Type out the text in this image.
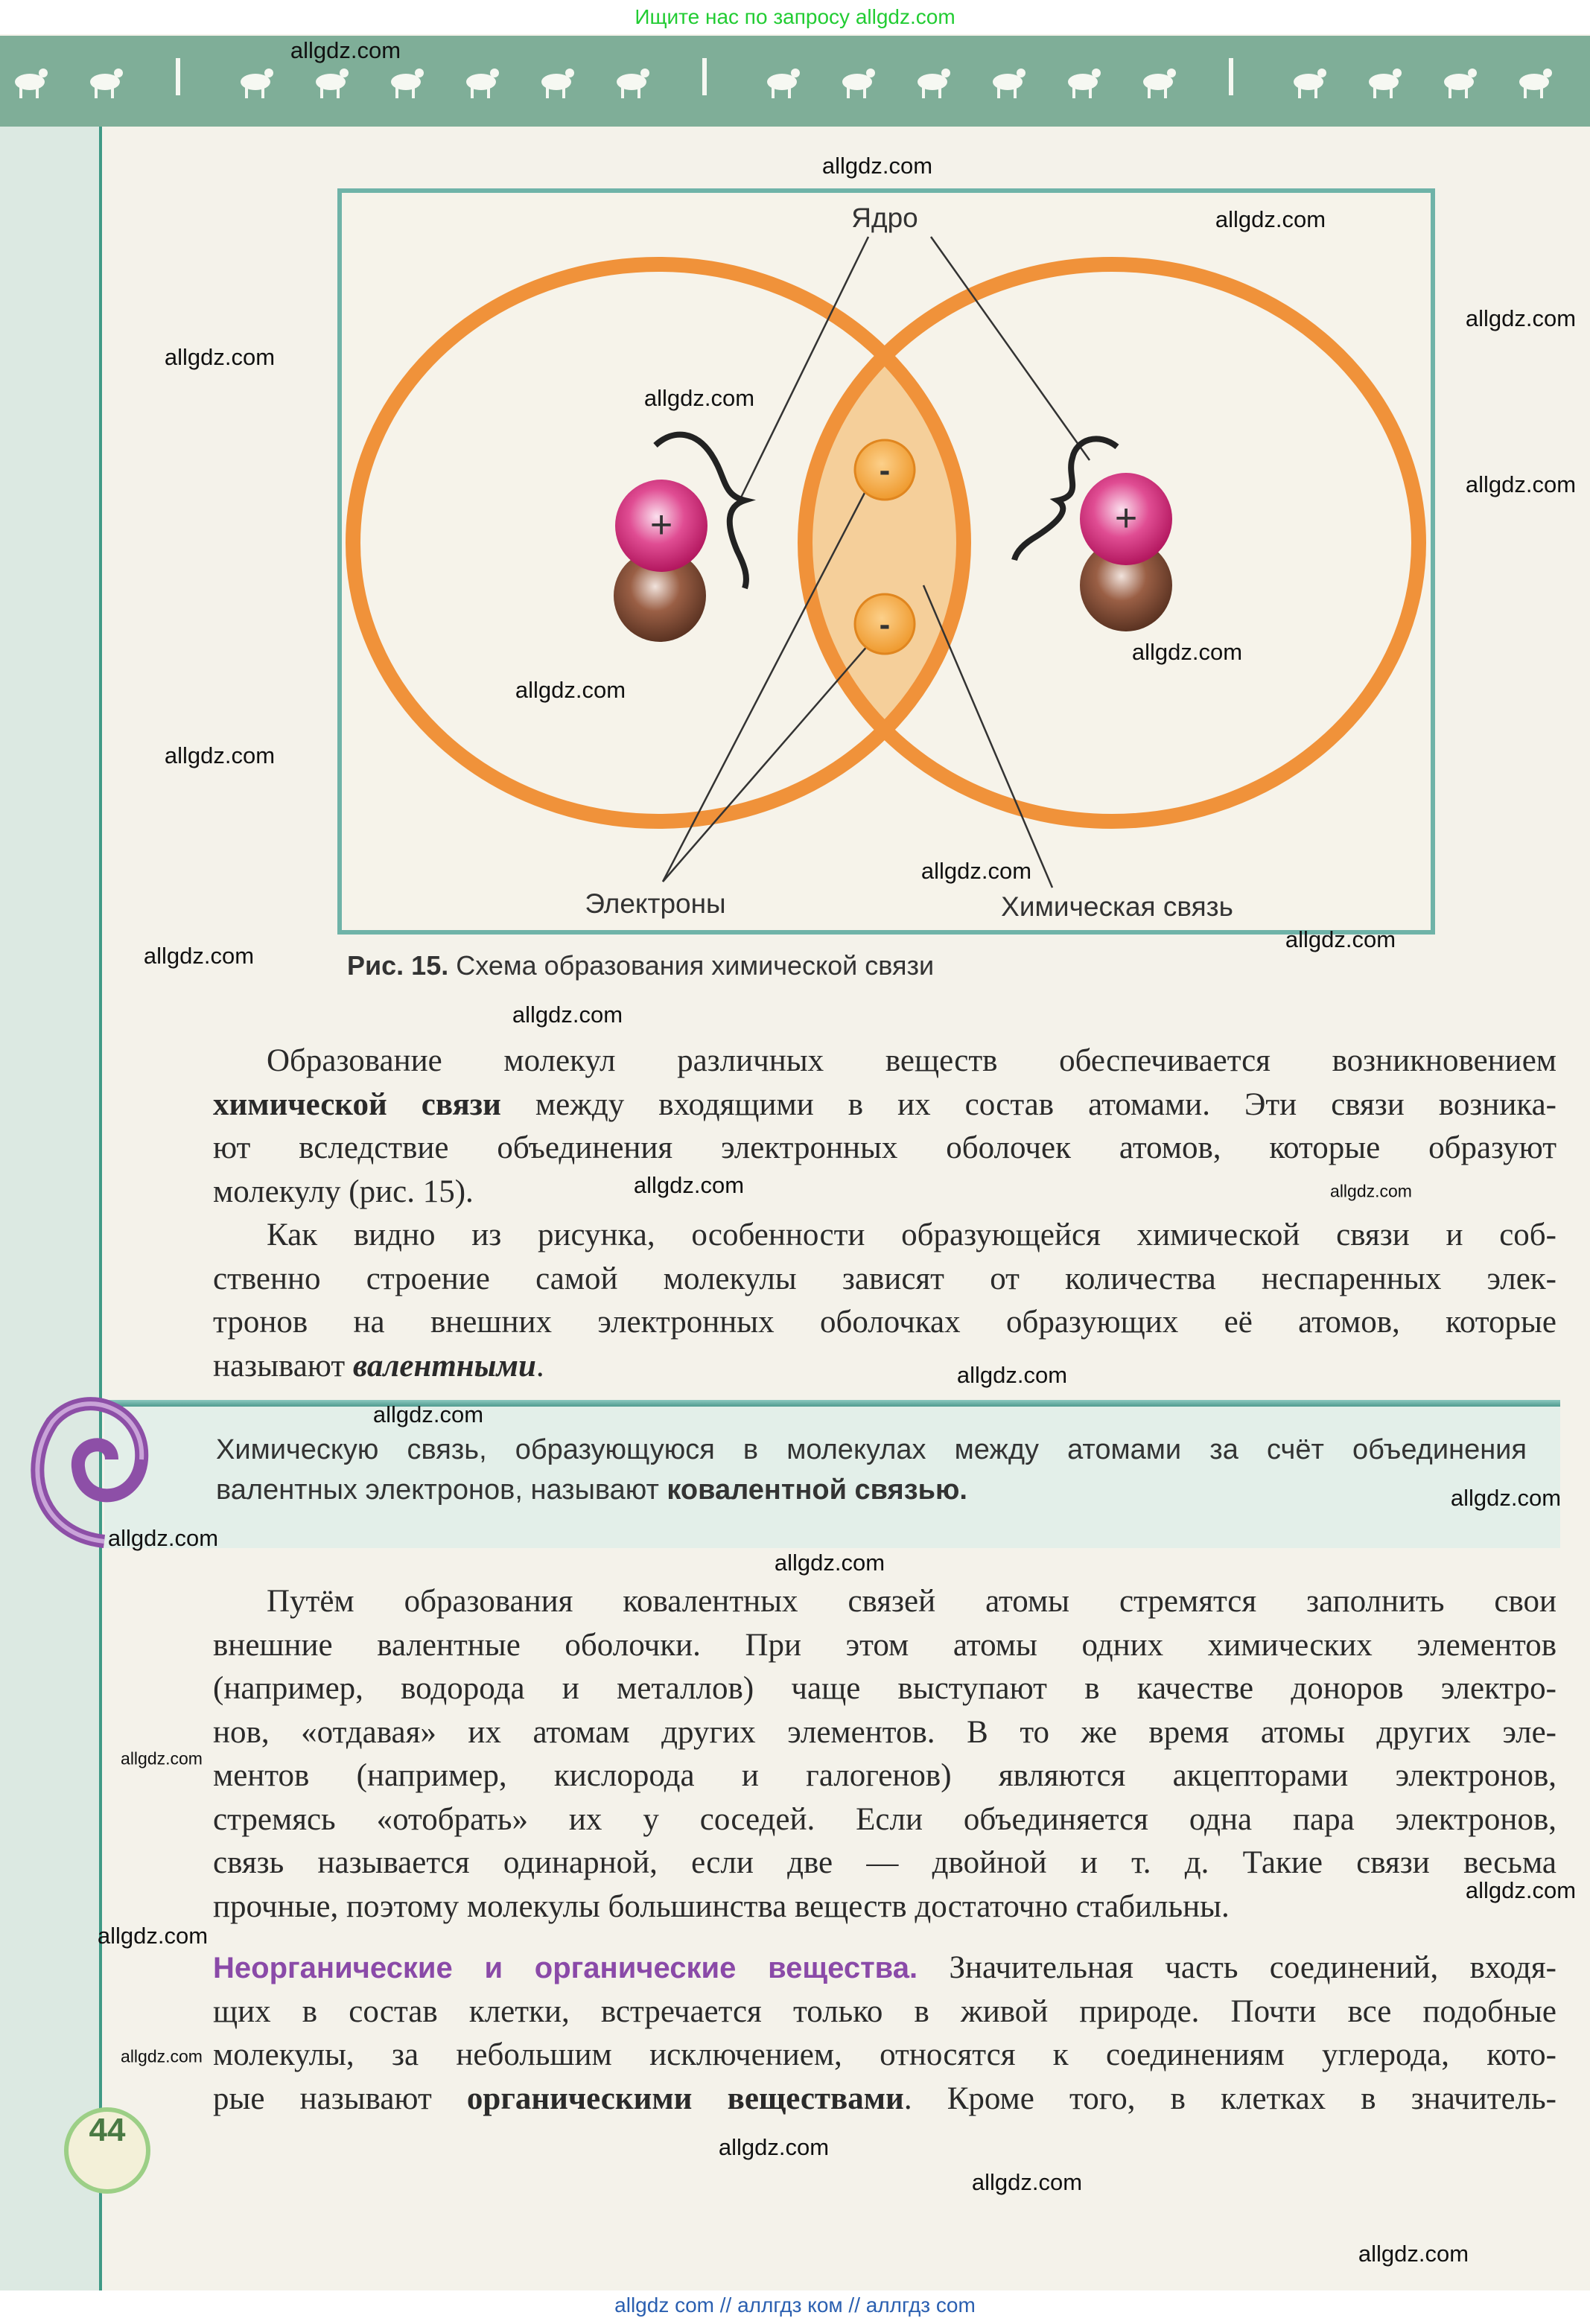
Ищите нас по запросу allgdz.com
+	+
-
-
Ядро
Электроны	Химическая связь
Рис. 15. Схема образования химической связи
Образование молекул различных веществ обеспечивается возникновением
химической связи между входящими в их состав атомами. Эти связи возника-
ют вследствие объединения электронных оболочек атомов, которые образуют
молекулу (рис. 15).
Как видно из рисунка, особенности образующейся химической связи и соб-
ственно строение самой молекулы зависят от количества неспаренных элек-
тронов на внешних электронных оболочках образующих её атомов, которые
называют валентными.
Химическую связь, образующуюся в молекулах между атомами за счёт объединения
валентных электронов, называют ковалентной связью.
Путём образования ковалентных связей атомы стремятся заполнить свои
внешние валентные оболочки. При этом атомы одних химических элементов
(например, водорода и металлов) чаще выступают в качестве доноров электро-
нов, «отдавая» их атомам других элементов. В то же время атомы других эле-
ментов (например, кислорода и галогенов) являются акцепторами электронов,
стремясь «отобрать» их у соседей. Если объединяется одна пара электронов,
связь называется одинарной, если две — двойной и т. д. Такие связи весьма
прочные, поэтому молекулы большинства веществ достаточно стабильны.
Неорганические и органические вещества. Значительная часть соединений, входя-
щих в состав клетки, встречается только в живой природе. Почти все подобные
молекулы, за небольшим исключением, относятся к соединениям углерода, кото-
рые называют органическими веществами. Кроме того, в клетках в значитель-
44
allgdz com // аллгдз ком // аллгдз com
allgdz.com
allgdz.com
allgdz.com
allgdz.com
allgdz.com
allgdz.com
allgdz.com
allgdz.com
allgdz.com
allgdz.com
allgdz.com
allgdz.com
allgdz.com
allgdz.com
allgdz.com
allgdz.com
allgdz.com
allgdz.com
allgdz.com
allgdz.com
allgdz.com
allgdz.com
allgdz.com
allgdz.com
allgdz.com
allgdz.com
allgdz.com
allgdz.com
